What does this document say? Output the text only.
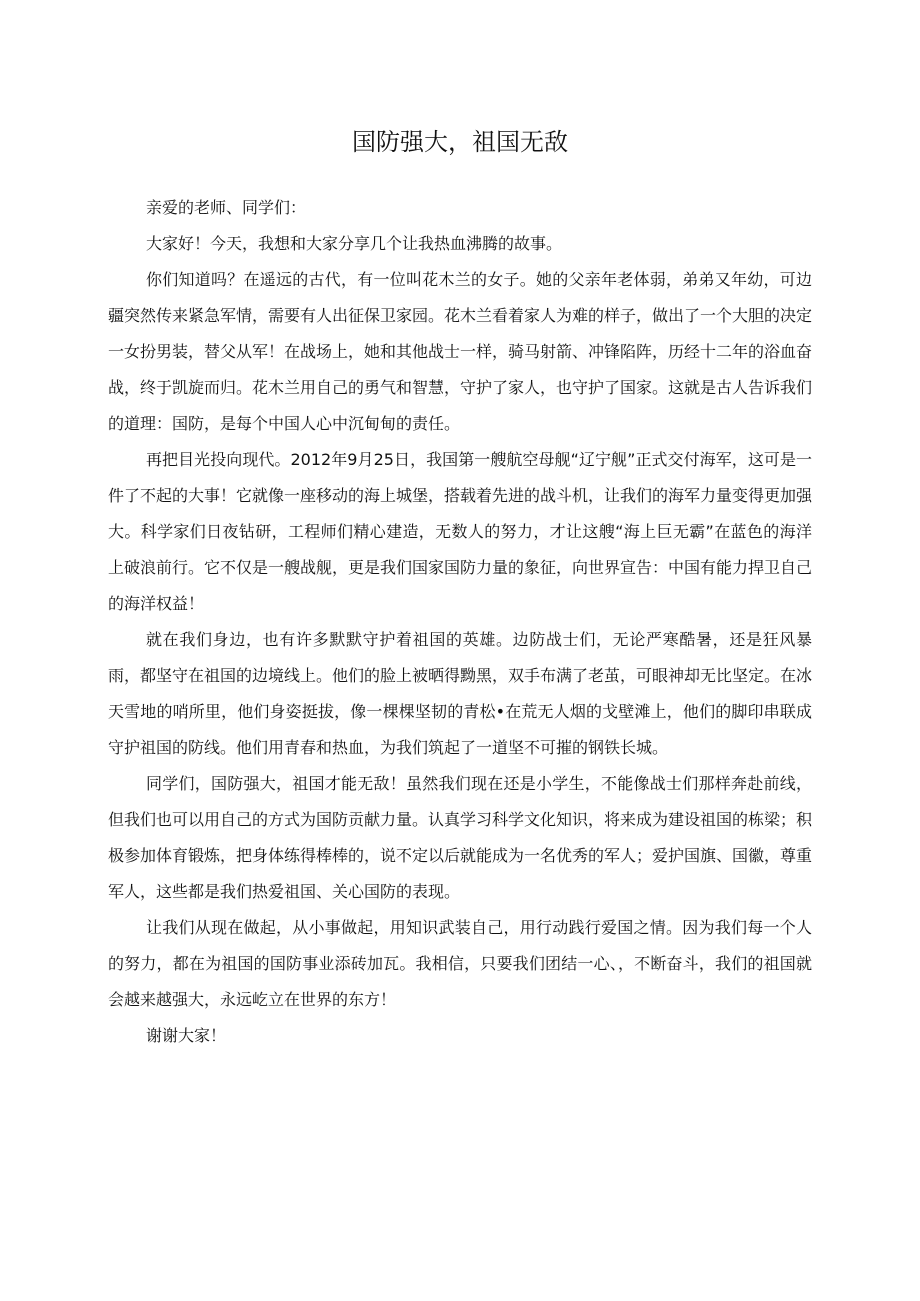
国防强大，祖国无敌

亲爱的老师、同学们：

大家好！今天，我想和大家分享几个让我热血沸腾的故事。

你们知道吗？在遥远的古代，有一位叫花木兰的女子。她的父亲年老体弱，弟弟又年幼，可边疆突然传来紧急军情，需要有人出征保卫家园。花木兰看着家人为难的样子，做出了一个大胆的决定一女扮男装，替父从军！在战场上，她和其他战士一样，骑马射箭、冲锋陷阵，历经十二年的浴血奋战，终于凯旋而归。花木兰用自己的勇气和智慧，守护了家人，也守护了国家。这就是古人告诉我们的道理：国防，是每个中国人心中沉甸甸的责任。

再把目光投向现代。2012年9月25日，我国第一艘航空母舰“辽宁舰”正式交付海军，这可是一件了不起的大事！它就像一座移动的海上城堡，搭载着先进的战斗机，让我们的海军力量变得更加强大。科学家们日夜钻研，工程师们精心建造，无数人的努力，才让这艘“海上巨无霸”在蓝色的海洋上破浪前行。它不仅是一艘战舰，更是我们国家国防力量的象征，向世界宣告：中国有能力捍卫自己的海洋权益！

就在我们身边，也有许多默默守护着祖国的英雄。边防战士们，无论严寒酷暑，还是狂风暴雨，都坚守在祖国的边境线上。他们的脸上被晒得黝黑，双手布满了老茧，可眼神却无比坚定。在冰天雪地的哨所里，他们身姿挺拔，像一棵棵坚韧的青松•在荒无人烟的戈壁滩上，他们的脚印串联成守护祖国的防线。他们用青春和热血，为我们筑起了一道坚不可摧的钢铁长城。

同学们，国防强大，祖国才能无敌！虽然我们现在还是小学生，不能像战士们那样奔赴前线，但我们也可以用自己的方式为国防贡献力量。认真学习科学文化知识，将来成为建设祖国的栋梁；积极参加体育锻炼，把身体练得棒棒的，说不定以后就能成为一名优秀的军人；爱护国旗、国徽，尊重军人，这些都是我们热爱祖国、关心国防的表现。

让我们从现在做起，从小事做起，用知识武装自己，用行动践行爱国之情。因为我们每一个人的努力，都在为祖国的国防事业添砖加瓦。我相信，只要我们团结一心、，不断奋斗，我们的祖国就会越来越强大，永远屹立在世界的东方！

谢谢大家！
